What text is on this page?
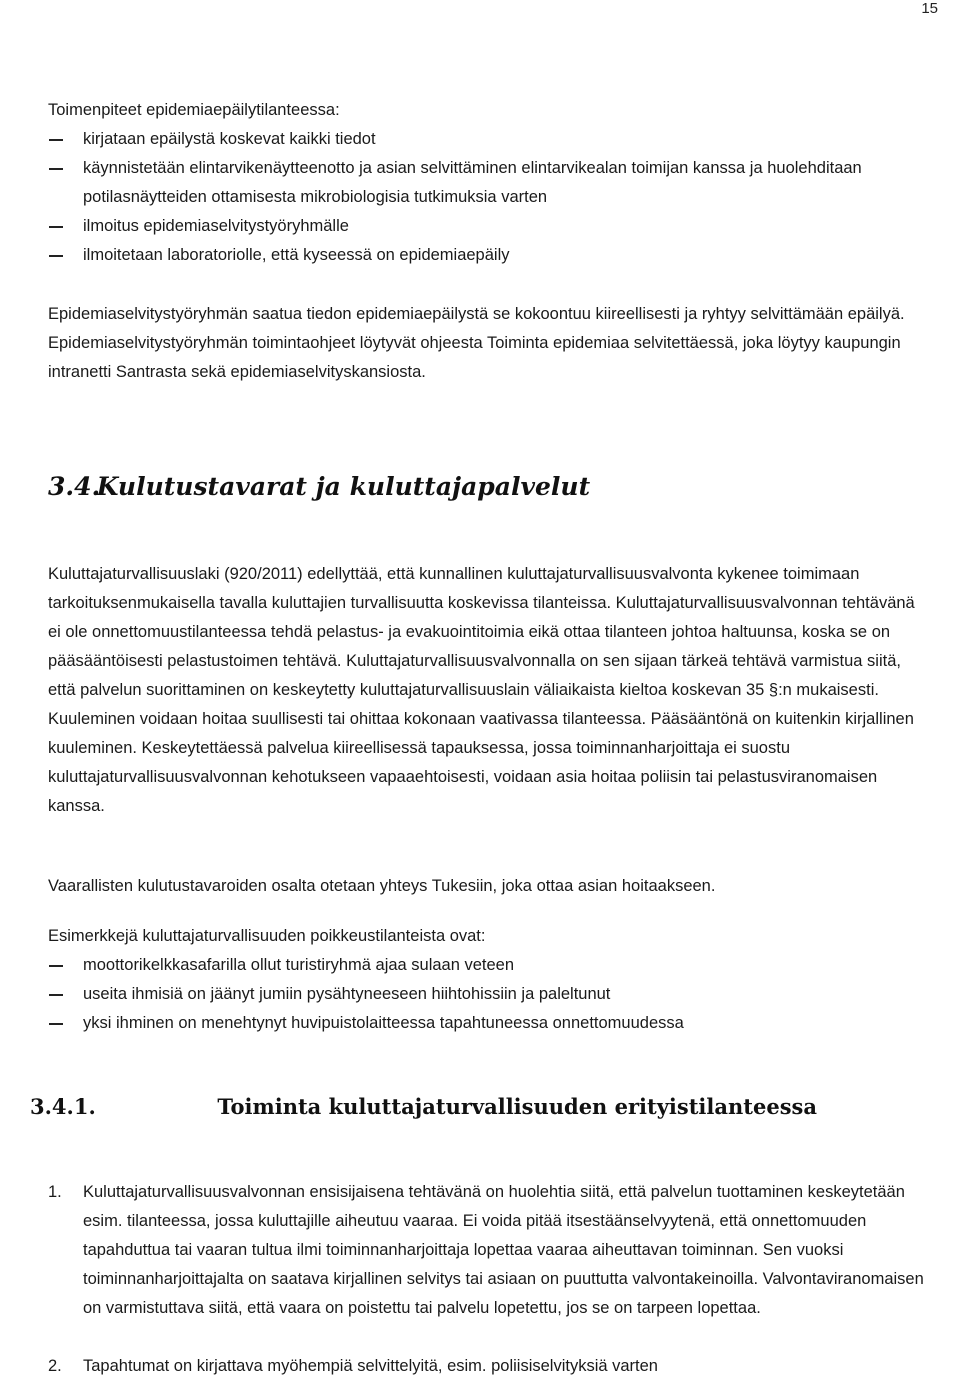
15

Toimenpiteet epidemiaepäilytilanteessa:

kirjataan epäilystä koskevat kaikki tiedot
käynnistetään elintarvikenäytteenotto ja asian selvittäminen elintarvikealan toimijan kanssa ja huolehditaan potilasnäytteiden ottamisesta mikrobiologisia tutkimuksia varten
ilmoitus epidemiaselvitystyöryhmälle
ilmoitetaan laboratoriolle, että kyseessä on epidemiaepäily

Epidemiaselvitystyöryhmän saatua tiedon epidemiaepäilystä se kokoontuu kiireellisesti ja ryhtyy selvittämään epäilyä. Epidemiaselvitystyöryhmän toimintaohjeet löytyvät ohjeesta Toiminta epidemiaa selvitettäessä, joka löytyy kaupungin intranetti Santrasta sekä epidemiaselvityskansiosta.

3.4. Kulutustavarat ja kuluttajapalvelut

Kuluttajaturvallisuuslaki (920/2011) edellyttää, että kunnallinen kuluttajaturvallisuusvalvonta kykenee toimimaan tarkoituksenmukaisella tavalla kuluttajien turvallisuutta koskevissa tilanteissa. Kuluttajaturvallisuusvalvonnan tehtävänä ei ole onnettomuustilanteessa tehdä pelastus- ja evakuointitoimia eikä ottaa tilanteen johtoa haltuunsa, koska se on pääsääntöisesti pelastustoimen tehtävä. Kuluttajaturvallisuusvalvonnalla on sen sijaan tärkeä tehtävä varmistua siitä, että palvelun suorittaminen on keskeytetty kuluttajaturvallisuuslain väliaikaista kieltoa koskevan 35 §:n mukaisesti. Kuuleminen voidaan hoitaa suullisesti tai ohittaa kokonaan vaativassa tilanteessa. Pääsääntönä on kuitenkin kirjallinen kuuleminen. Keskeytettäessä palvelua kiireellisessä tapauksessa, jossa toiminnanharjoittaja ei suostu kuluttajaturvallisuusvalvonnan kehotukseen vapaaehtoisesti, voidaan asia hoitaa poliisin tai pelastusviranomaisen kanssa.

Vaarallisten kulutustavaroiden osalta otetaan yhteys Tukesiin, joka ottaa asian hoitaakseen.

Esimerkkejä kuluttajaturvallisuuden poikkeustilanteista ovat:

moottorikelkkasafarilla ollut turistiryhmä ajaa sulaan veteen
useita ihmisiä on jäänyt jumiin pysähtyneeseen hiihtohissiin ja paleltunut
yksi ihminen on menehtynyt huvipuistolaitteessa tapahtuneessa onnettomuudessa
3.4.1.	Toiminta kuluttajaturvallisuuden erityistilanteessa
1. Kuluttajaturvallisuusvalvonnan ensisijaisena tehtävänä on huolehtia siitä, että palvelun tuottaminen keskeytetään esim. tilanteessa, jossa kuluttajille aiheutuu vaaraa. Ei voida pitää itsestäänselvyytenä, että onnettomuuden tapahduttua tai vaaran tultua ilmi toiminnanharjoittaja lopettaa vaaraa aiheuttavan toiminnan. Sen vuoksi toiminnanharjoittajalta on saatava kirjallinen selvitys tai asiaan on puuttutta valvontakeinoilla. Valvontaviranomaisen on varmistuttava siitä, että vaara on poistettu tai palvelu lopetettu, jos se on tarpeen lopettaa.
2. Tapahtumat on kirjattava myöhempiä selvittelyitä, esim. poliisiselvityksiä varten
